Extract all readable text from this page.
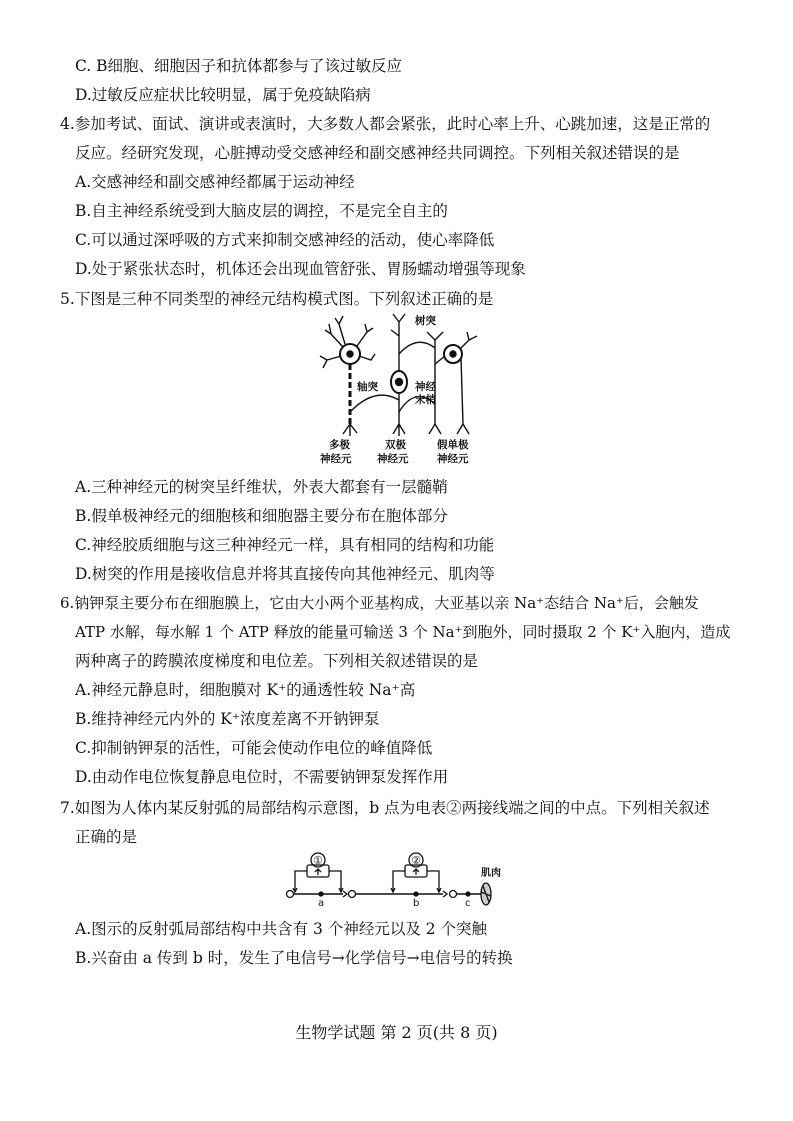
C. B细胞、细胞因子和抗体都参与了该过敏反应
D.过敏反应症状比较明显，属于免疫缺陷病
4.参加考试、面试、演讲或表演时，大多数人都会紧张，此时心率上升、心跳加速，这是正常的
反应。经研究发现，心脏搏动受交感神经和副交感神经共同调控。下列相关叙述错误的是
A.交感神经和副交感神经都属于运动神经
B.自主神经系统受到大脑皮层的调控，不是完全自主的
C.可以通过深呼吸的方式来抑制交感神经的活动，使心率降低
D.处于紧张状态时，机体还会出现血管舒张、胃肠蠕动增强等现象
5.下图是三种不同类型的神经元结构模式图。下列叙述正确的是
树突
轴突	神经
末梢
多极
神经元
双极
神经元
假单极
神经元
A.三种神经元的树突呈纤维状，外表大都套有一层髓鞘
B.假单极神经元的细胞核和细胞器主要分布在胞体部分
C.神经胶质细胞与这三种神经元一样，具有相同的结构和功能
D.树突的作用是接收信息并将其直接传向其他神经元、肌肉等
6.钠钾泵主要分布在细胞膜上，它由大小两个亚基构成，大亚基以亲 Na⁺态结合 Na⁺后，会触发
ATP 水解，每水解 1 个 ATP 释放的能量可输送 3 个 Na⁺到胞外，同时摄取 2 个 K⁺入胞内，造成
两种离子的跨膜浓度梯度和电位差。下列相关叙述错误的是
A.神经元静息时，细胞膜对 K⁺的通透性较 Na⁺高
B.维持神经元内外的 K⁺浓度差离不开钠钾泵
C.抑制钠钾泵的活性，可能会使动作电位的峰值降低
D.由动作电位恢复静息电位时，不需要钠钾泵发挥作用
7.如图为人体内某反射弧的局部结构示意图，b 点为电表②两接线端之间的中点。下列相关叙述
正确的是
①	②
a	b	c
肌肉
A.图示的反射弧局部结构中共含有 3 个神经元以及 2 个突触
B.兴奋由 a 传到 b 时，发生了电信号→化学信号→电信号的转换
生物学试题 第 2 页(共 8 页)
